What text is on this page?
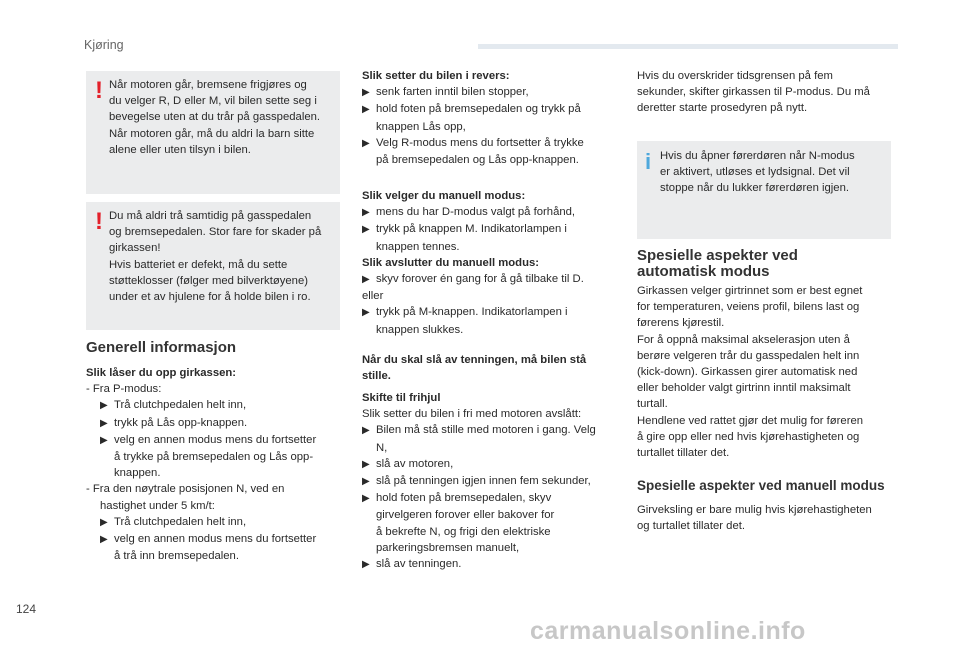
Kjøring
! Når motoren går, bremsene frigjøres og

du velger R, D eller M, vil bilen sette seg i

bevegelse uten at du trår på gasspedalen.

Når motoren går, må du aldri la barn sitte

alene eller uten tilsyn i bilen.

! Du må aldri trå samtidig på gasspedalen

og bremsepedalen. Stor fare for skader på

girkassen!

Hvis batteriet er defekt, må du sette

støtteklosser (følger med bilverktøyene)

under et av hjulene for å holde bilen i ro.

Generell informasjon

Slik låser du opp girkassen:

- Fra P-modus:

▶ Trå clutchpedalen helt inn,

▶ trykk på Lås opp-knappen.

▶ velg en annen modus mens du fortsetter

å trykke på bremsepedalen og Lås opp-

knappen.

- Fra den nøytrale posisjonen N, ved en

hastighet under 5 km/t:

▶ Trå clutchpedalen helt inn,

▶ velg en annen modus mens du fortsetter

å trå inn bremsepedalen.

Slik setter du bilen i revers:

▶ senk farten inntil bilen stopper,

▶ hold foten på bremsepedalen og trykk på

knappen Lås opp,

▶ Velg R-modus mens du fortsetter å trykke

på bremsepedalen og Lås opp-knappen.

Slik velger du manuell modus:

▶ mens du har D-modus valgt på forhånd,

▶ trykk på knappen M. Indikatorlampen i

knappen tennes.

Slik avslutter du manuell modus:

▶ skyv forover én gang for å gå tilbake til D.

eller

▶ trykk på M-knappen. Indikatorlampen i

knappen slukkes.

Når du skal slå av tenningen, må bilen stå

stille.

Skifte til frihjul

Slik setter du bilen i fri med motoren avslått:

▶ Bilen må stå stille med motoren i gang. Velg

N,

▶ slå av motoren,

▶ slå på tenningen igjen innen fem sekunder,

▶ hold foten på bremsepedalen, skyv

girvelgeren forover eller bakover for

å bekrefte N, og frigi den elektriske

parkeringsbremsen manuelt,

▶ slå av tenningen.

Hvis du overskrider tidsgrensen på fem

sekunder, skifter girkassen til P-modus. Du må

deretter starte prosedyren på nytt.

i Hvis du åpner førerdøren når N-modus

er aktivert, utløses et lydsignal. Det vil

stoppe når du lukker førerdøren igjen.

Spesielle aspekter ved
automatisk modus

Girkassen velger girtrinnet som er best egnet

for temperaturen, veiens profil, bilens last og

førerens kjørestil.

For å oppnå maksimal akselerasjon uten å

berøre velgeren trår du gasspedalen helt inn

(kick-down). Girkassen girer automatisk ned

eller beholder valgt girtrinn inntil maksimalt

turtall.

Hendlene ved rattet gjør det mulig for føreren

å gire opp eller ned hvis kjørehastigheten og

turtallet tillater det.

Spesielle aspekter ved manuell modus

Girveksling er bare mulig hvis kjørehastigheten

og turtallet tillater det.

124
carmanualsonline.info
